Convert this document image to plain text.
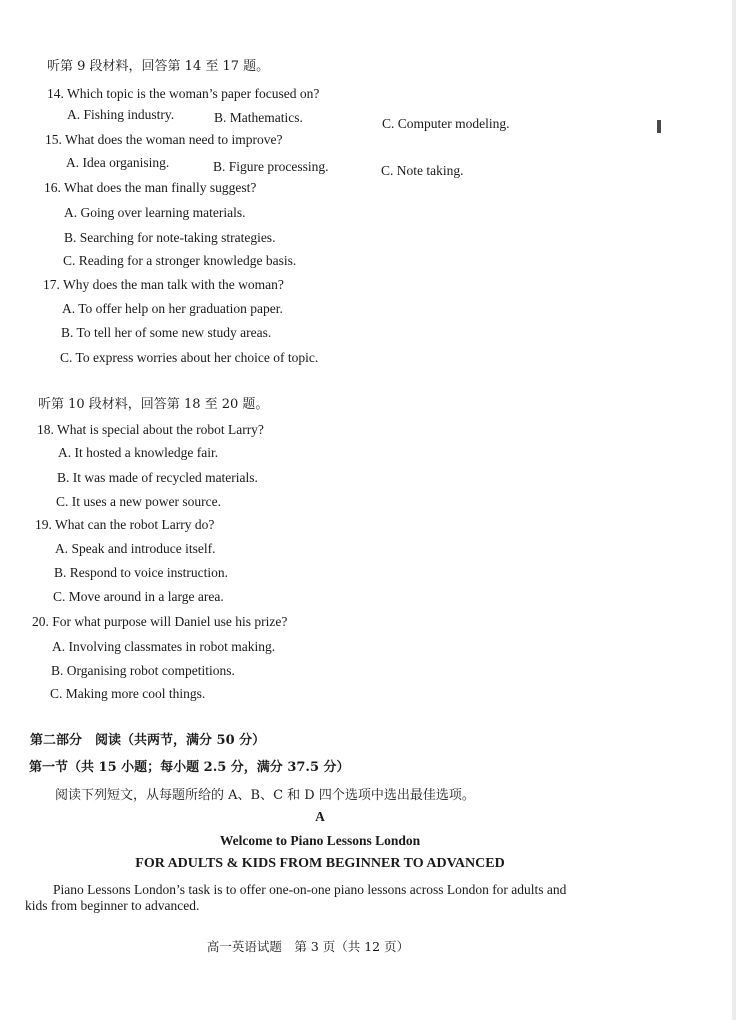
听第 9 段材料，回答第 14 至 17 题。
14. Which topic is the woman’s paper focused on?
A. Fishing industry.	B. Mathematics.	C. Computer modeling.
15. What does the woman need to improve?
A. Idea organising.	B. Figure processing.	C. Note taking.
16. What does the man finally suggest?
A. Going over learning materials.
B. Searching for note-taking strategies.
C. Reading for a stronger knowledge basis.
17. Why does the man talk with the woman?
A. To offer help on her graduation paper.
B. To tell her of some new study areas.
C. To express worries about her choice of topic.
听第 10 段材料，回答第 18 至 20 题。
18. What is special about the robot Larry?
A. It hosted a knowledge fair.
B. It was made of recycled materials.
C. It uses a new power source.
19. What can the robot Larry do?
A. Speak and introduce itself.
B. Respond to voice instruction.
C. Move around in a large area.
20. For what purpose will Daniel use his prize?
A. Involving classmates in robot making.
B. Organising robot competitions.
C. Making more cool things.
第二部分　阅读（共两节，满分 50 分）
第一节（共 15 小题；每小题 2.5 分，满分 37.5 分）
阅读下列短文，从每题所给的 A、B、C 和 D 四个选项中选出最佳选项。
A
Welcome to Piano Lessons London
FOR ADULTS & KIDS FROM BEGINNER TO ADVANCED
Piano Lessons London’s task is to offer one-on-one piano lessons across London for adults and
kids from beginner to advanced.
高一英语试题　第 3 页（共 12 页）
